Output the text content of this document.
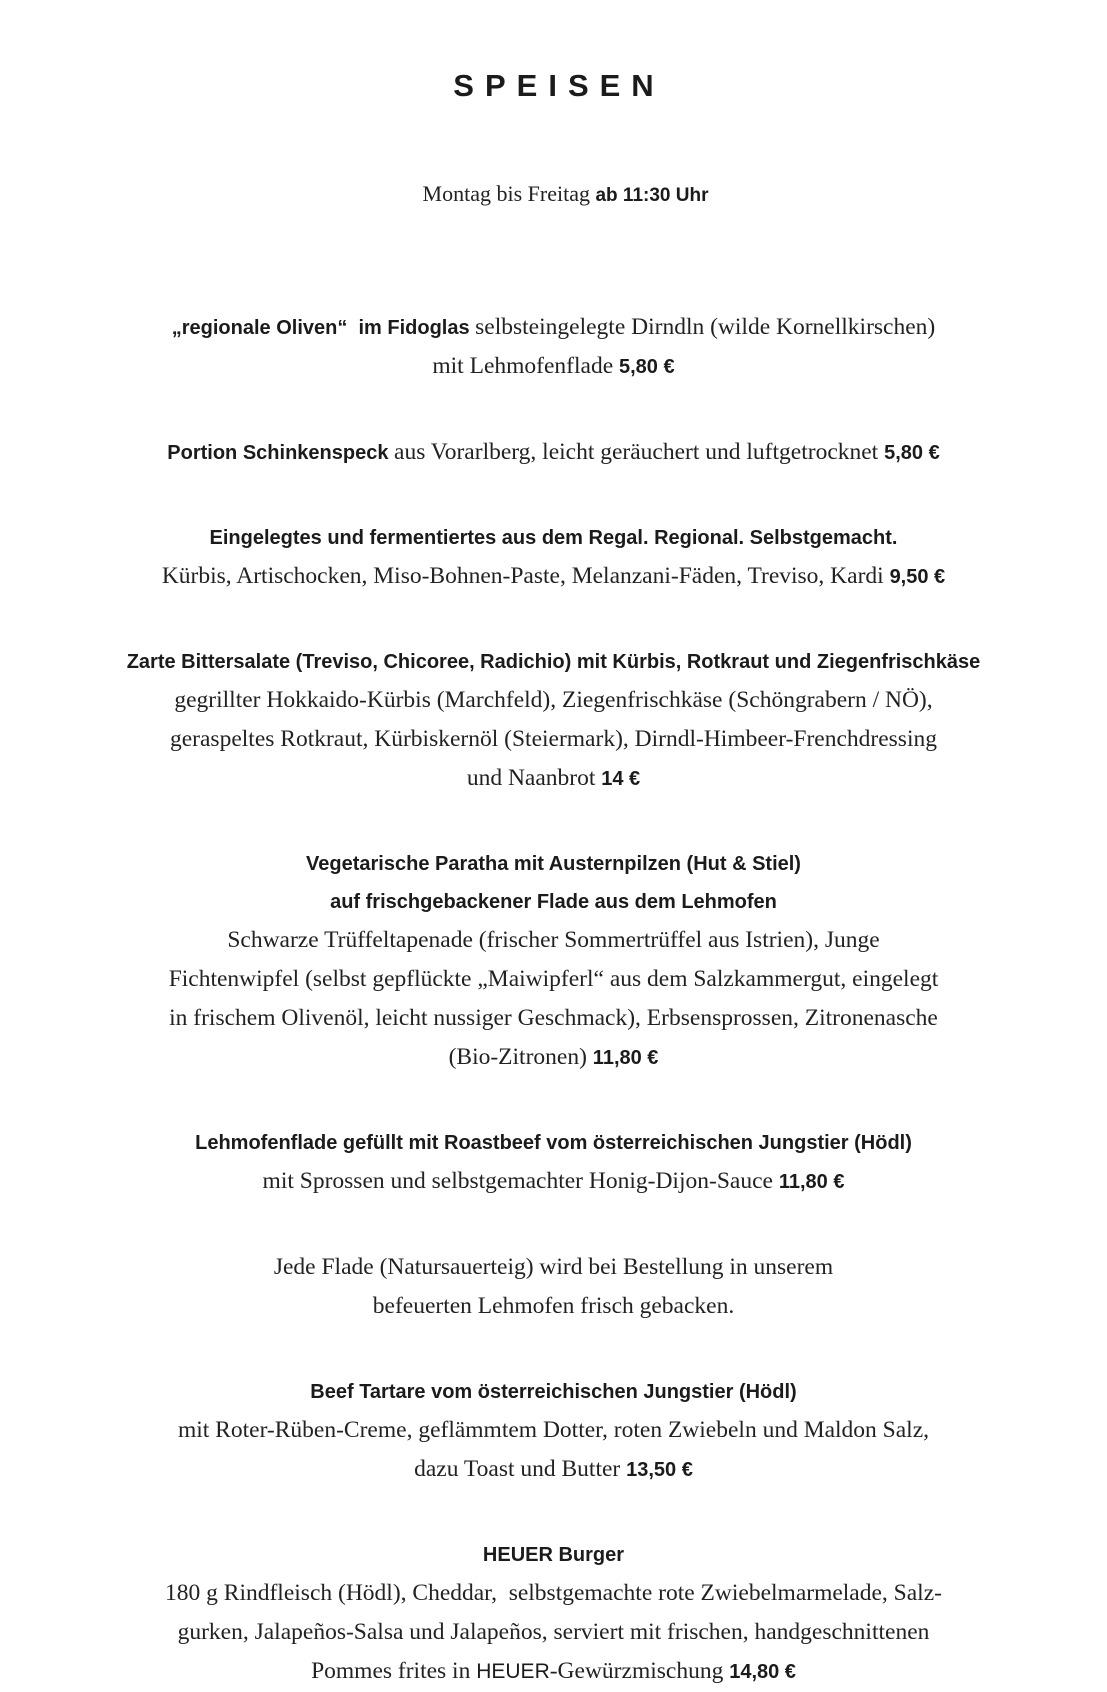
SPEISEN

Montag bis Freitag ab 11:30 Uhr

„regionale Oliven“  im Fidoglas selbsteingelegte Dirndln (wilde Kornellkirschen)
mit Lehmofenflade 5,80 €
Portion Schinkenspeck aus Vorarlberg, leicht geräuchert und luftgetrocknet 5,80 €
Eingelegtes und fermentiertes aus dem Regal. Regional. Selbstgemacht.
Kürbis, Artischocken, Miso-Bohnen-Paste, Melanzani-Fäden, Treviso, Kardi 9,50 €
Zarte Bittersalate (Treviso, Chicoree, Radichio) mit Kürbis, Rotkraut und Ziegenfrischkäse
gegrillter Hokkaido-Kürbis (Marchfeld), Ziegenfrischkäse (Schöngrabern / NÖ),
geraspeltes Rotkraut, Kürbiskernöl (Steiermark), Dirndl-Himbeer-Frenchdressing
und Naanbrot 14 €
Vegetarische Paratha mit Austernpilzen (Hut & Stiel)
auf frischgebackener Flade aus dem Lehmofen
Schwarze Trüffeltapenade (frischer Sommertrüffel aus Istrien), Junge
Fichtenwipfel (selbst gepflückte „Maiwipferl“ aus dem Salzkammergut, eingelegt
in frischem Olivenöl, leicht nussiger Geschmack), Erbsensprossen, Zitronenasche
(Bio-Zitronen) 11,80 €
Lehmofenflade gefüllt mit Roastbeef vom österreichischen Jungstier (Hödl)
mit Sprossen und selbstgemachter Honig-Dijon-Sauce 11,80 €
Jede Flade (Natursauerteig) wird bei Bestellung in unserem
befeuerten Lehmofen frisch gebacken.
Beef Tartare vom österreichischen Jungstier (Hödl)
mit Roter-Rüben-Creme, geflämmtem Dotter, roten Zwiebeln und Maldon Salz,
dazu Toast und Butter 13,50 €
HEUER Burger
180 g Rindfleisch (Hödl), Cheddar,  selbstgemachte rote Zwiebelmarmelade, Salz-
gurken, Jalapeños-Salsa und Jalapeños, serviert mit frischen, handgeschnittenen
Pommes frites in HEUER-Gewürzmischung 14,80 €
